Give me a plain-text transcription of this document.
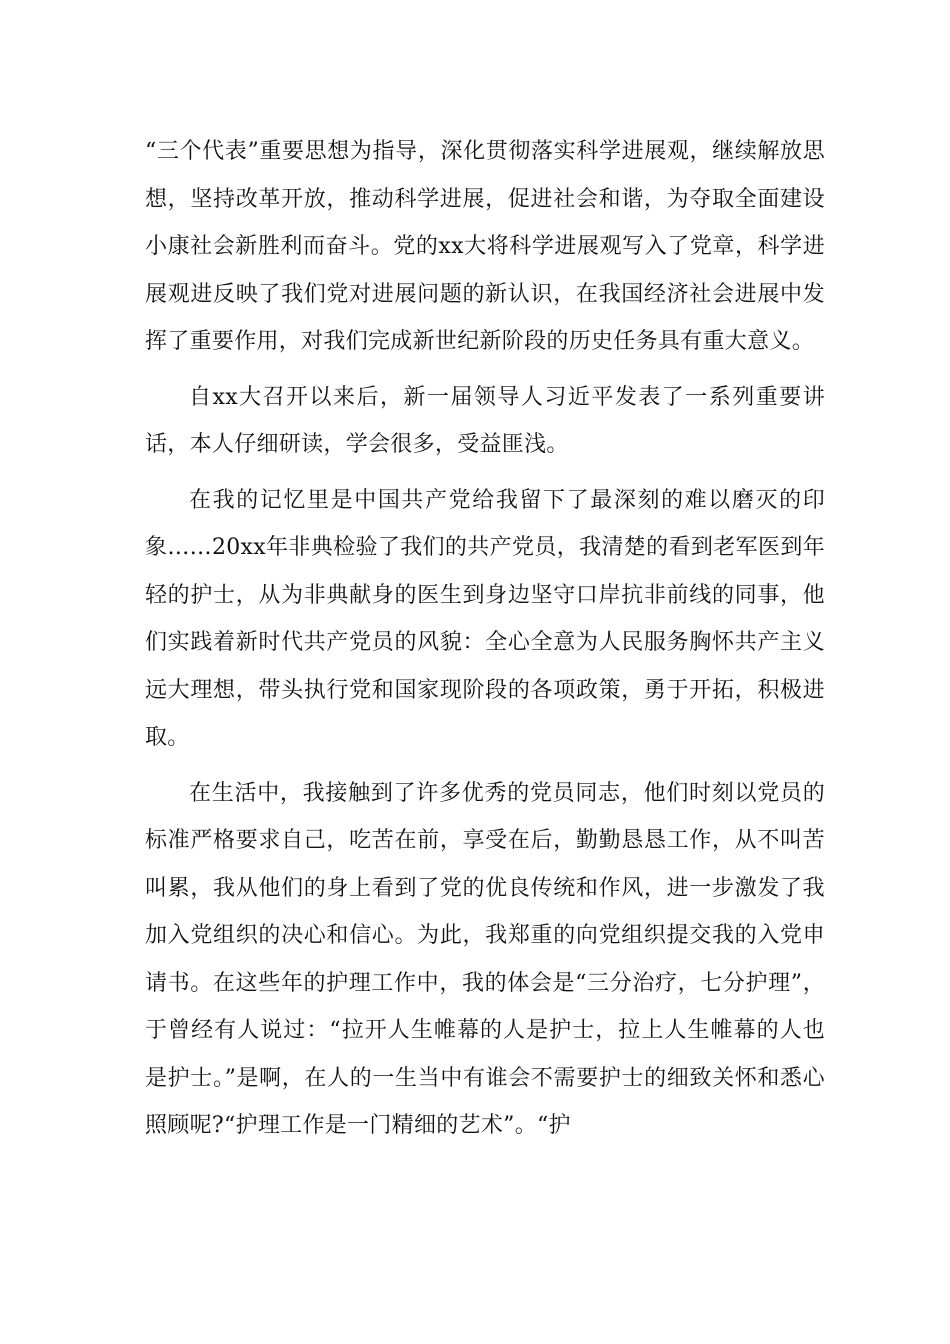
“三个代表”重要思想为指导，深化贯彻落实科学进展观，继续解放思想，坚持改革开放，推动科学进展，促进社会和谐，为夺取全面建设小康社会新胜利而奋斗。党的xx大将科学进展观写入了党章，科学进展观进反映了我们党对进展问题的新认识，在我国经济社会进展中发挥了重要作用，对我们完成新世纪新阶段的历史任务具有重大意义。

自xx大召开以来后，新一届领导人习近平发表了一系列重要讲话，本人仔细研读，学会很多，受益匪浅。

在我的记忆里是中国共产党给我留下了最深刻的难以磨灭的印象……20xx年非典检验了我们的共产党员，我清楚的看到老军医到年轻的护士，从为非典献身的医生到身边坚守口岸抗非前线的同事，他们实践着新时代共产党员的风貌：全心全意为人民服务胸怀共产主义远大理想，带头执行党和国家现阶段的各项政策，勇于开拓，积极进取。

在生活中，我接触到了许多优秀的党员同志，他们时刻以党员的标准严格要求自己，吃苦在前，享受在后，勤勤恳恳工作，从不叫苦叫累，我从他们的身上看到了党的优良传统和作风，进一步激发了我加入党组织的决心和信心。为此，我郑重的向党组织提交我的入党申请书。在这些年的护理工作中，我的体会是“三分治疗，七分护理”，于曾经有人说过：“拉开人生帷幕的人是护士，拉上人生帷幕的人也是护士。”是啊，在人的一生当中有谁会不需要护士的细致关怀和悉心照顾呢?“护理工作是一门精细的艺术”。“护
